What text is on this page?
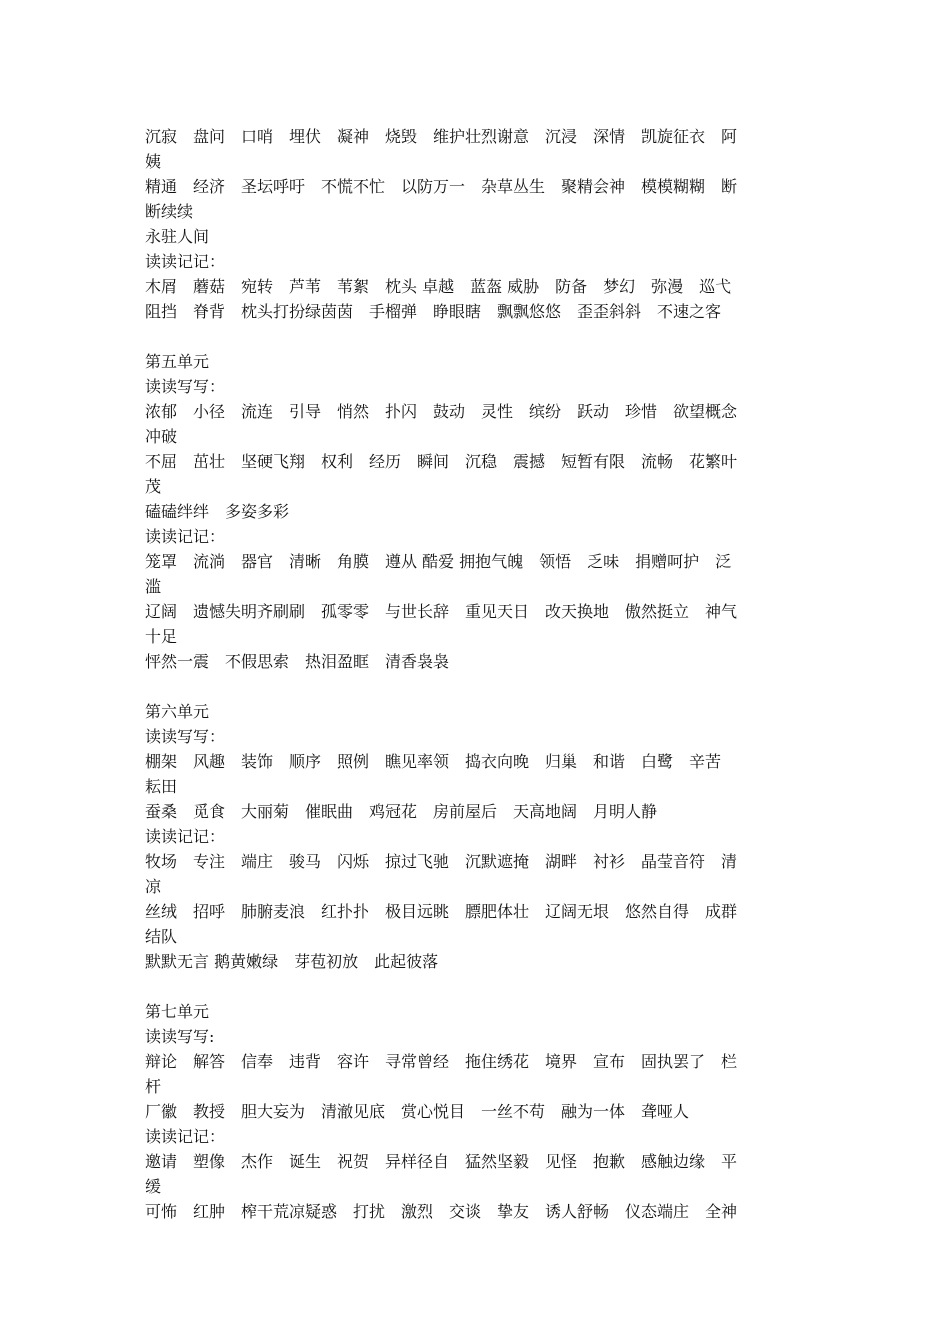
沉寂　盘问　口哨　埋伏　凝神　烧毁　维护壮烈谢意　沉浸　深情　凯旋征衣　阿
姨
精通　经济　圣坛呼吁　不慌不忙　以防万一　杂草丛生　聚精会神　模模糊糊　断
断续续
永驻人间
读读记记：
木屑　蘑菇　宛转　芦苇　苇絮　枕头 卓越　蓝盔 威胁　防备　梦幻　弥漫　巡弋
阻挡　脊背　枕头打扮绿茵茵　手榴弹　睁眼瞎　飘飘悠悠　歪歪斜斜　不速之客
第五单元
读读写写：
浓郁　小径　流连　引导　悄然　扑闪　鼓动　灵性　缤纷　跃动　珍惜　欲望概念
冲破
不屈　茁壮　坚硬飞翔　权利　经历　瞬间　沉稳　震撼　短暂有限　流畅　花繁叶
茂
磕磕绊绊　多姿多彩
读读记记：
笼罩　流淌　器官　清晰　角膜　遵从 酷爱 拥抱气魄　领悟　乏味　捐赠呵护　泛
滥
辽阔　遗憾失明齐刷刷　孤零零　与世长辞　重见天日　改天换地　傲然挺立　神气
十足
怦然一震　不假思索　热泪盈眶　清香袅袅
第六单元
读读写写：
棚架　风趣　装饰　顺序　照例　瞧见率领　捣衣向晚　归巢　和谐　白鹭　辛苦
耘田
蚕桑　觅食　大丽菊　催眠曲　鸡冠花　房前屋后　天高地阔　月明人静
读读记记：
牧场　专注　端庄　骏马　闪烁　掠过飞驰　沉默遮掩　湖畔　衬衫　晶莹音符　清
凉
丝绒　招呼　肺腑麦浪　红扑扑　极目远眺　膘肥体壮　辽阔无垠　悠然自得　成群
结队
默默无言 鹅黄嫩绿　芽苞初放　此起彼落
第七单元
读读写写:
辩论　解答　信奉　违背　容许　寻常曾经　拖住绣花　境界　宣布　固执罢了　栏
杆
厂徽　教授　胆大妄为　清澈见底　赏心悦目　一丝不苟　融为一体　聋哑人
读读记记：
邀请　塑像　杰作　诞生　祝贺　异样径自　猛然坚毅　见怪　抱歉　感触边缘　平
缓
可怖　红肿　榨干荒凉疑惑　打扰　激烈　交谈　挚友　诱人舒畅　仪态端庄　全神
